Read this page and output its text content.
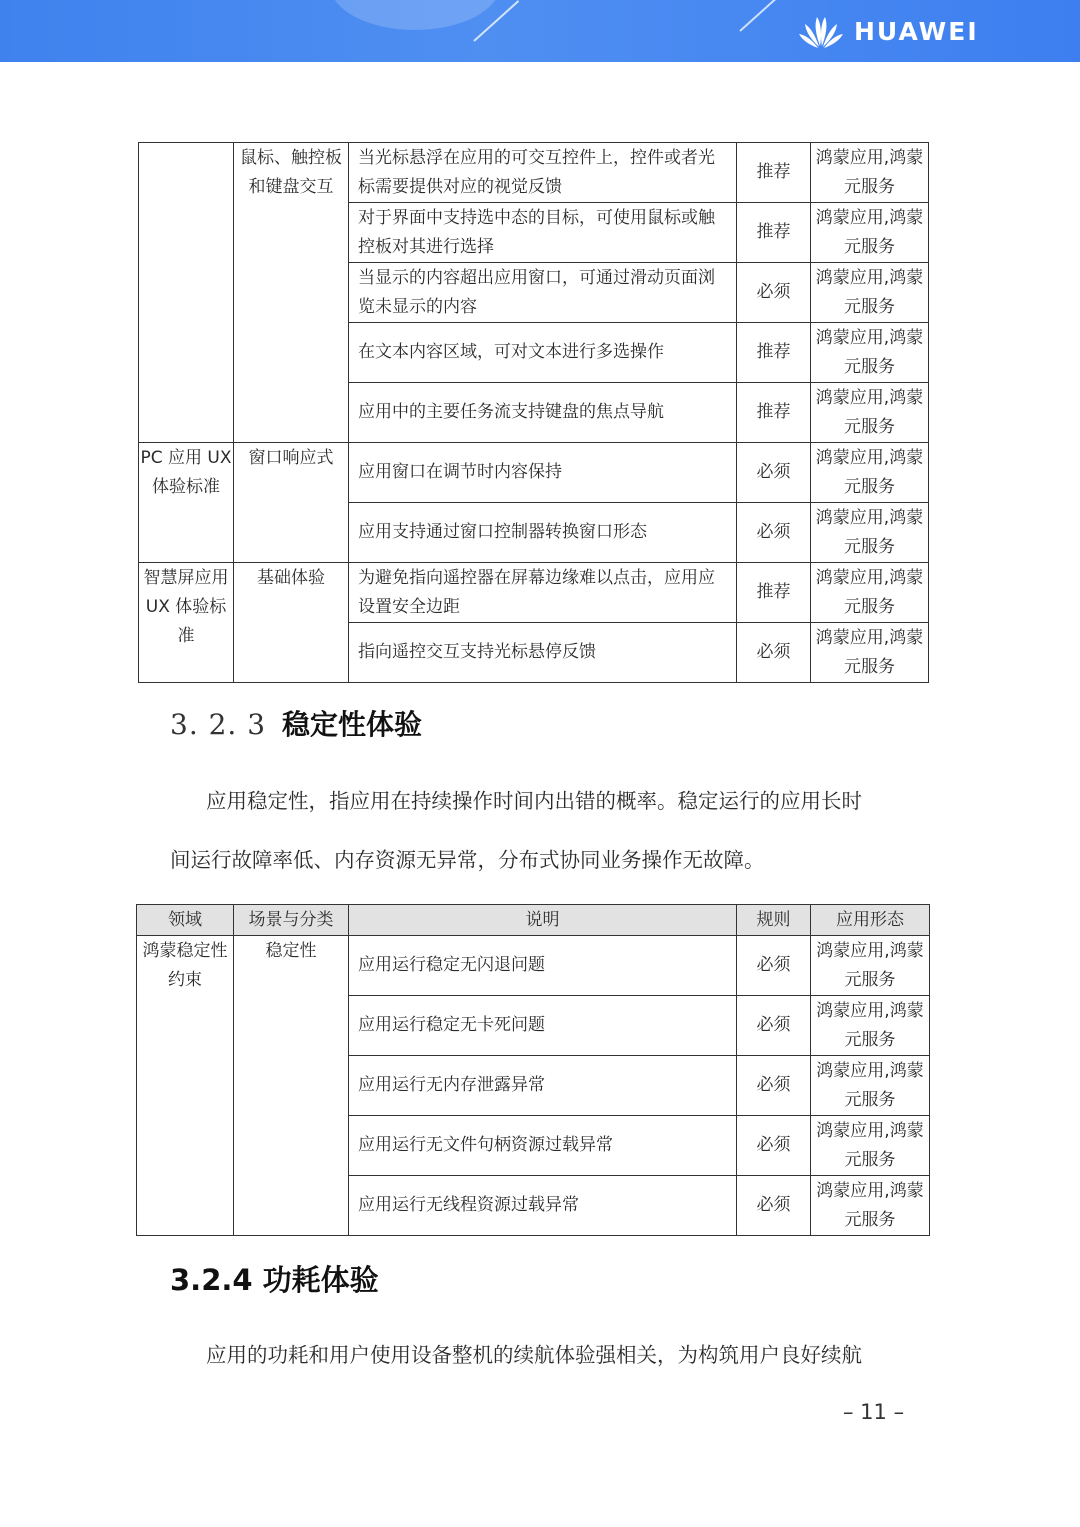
HUAWEI
	鼠标、触控板和键盘交互	当光标悬浮在应用的可交互控件上，控件或者光标需要提供对应的视觉反馈	推荐	鸿蒙应用,鸿蒙元服务
		对于界面中支持选中态的目标，可使用鼠标或触控板对其进行选择	推荐	鸿蒙应用,鸿蒙元服务
		当显示的内容超出应用窗口，可通过滑动页面浏览未显示的内容	必须	鸿蒙应用,鸿蒙元服务
		在文本内容区域，可对文本进行多选操作	推荐	鸿蒙应用,鸿蒙元服务
		应用中的主要任务流支持键盘的焦点导航	推荐	鸿蒙应用,鸿蒙元服务
PC 应用 UX 体验标准	窗口响应式	应用窗口在调节时内容保持	必须	鸿蒙应用,鸿蒙元服务
		应用支持通过窗口控制器转换窗口形态	必须	鸿蒙应用,鸿蒙元服务
智慧屏应用 UX 体验标准	基础体验	为避免指向遥控器在屏幕边缘难以点击，应用应设置安全边距	推荐	鸿蒙应用,鸿蒙元服务
		指向遥控交互支持光标悬停反馈	必须	鸿蒙应用,鸿蒙元服务
3. 2. 3 稳定性体验
应用稳定性，指应用在持续操作时间内出错的概率。稳定运行的应用长时
间运行故障率低、内存资源无异常，分布式协同业务操作无故障。
领域	场景与分类	说明	规则	应用形态
鸿蒙稳定性约束	稳定性	应用运行稳定无闪退问题	必须	鸿蒙应用,鸿蒙元服务
		应用运行稳定无卡死问题	必须	鸿蒙应用,鸿蒙元服务
		应用运行无内存泄露异常	必须	鸿蒙应用,鸿蒙元服务
		应用运行无文件句柄资源过载异常	必须	鸿蒙应用,鸿蒙元服务
		应用运行无线程资源过载异常	必须	鸿蒙应用,鸿蒙元服务
3.2.4 功耗体验
应用的功耗和用户使用设备整机的续航体验强相关，为构筑用户良好续航
– 11 –
